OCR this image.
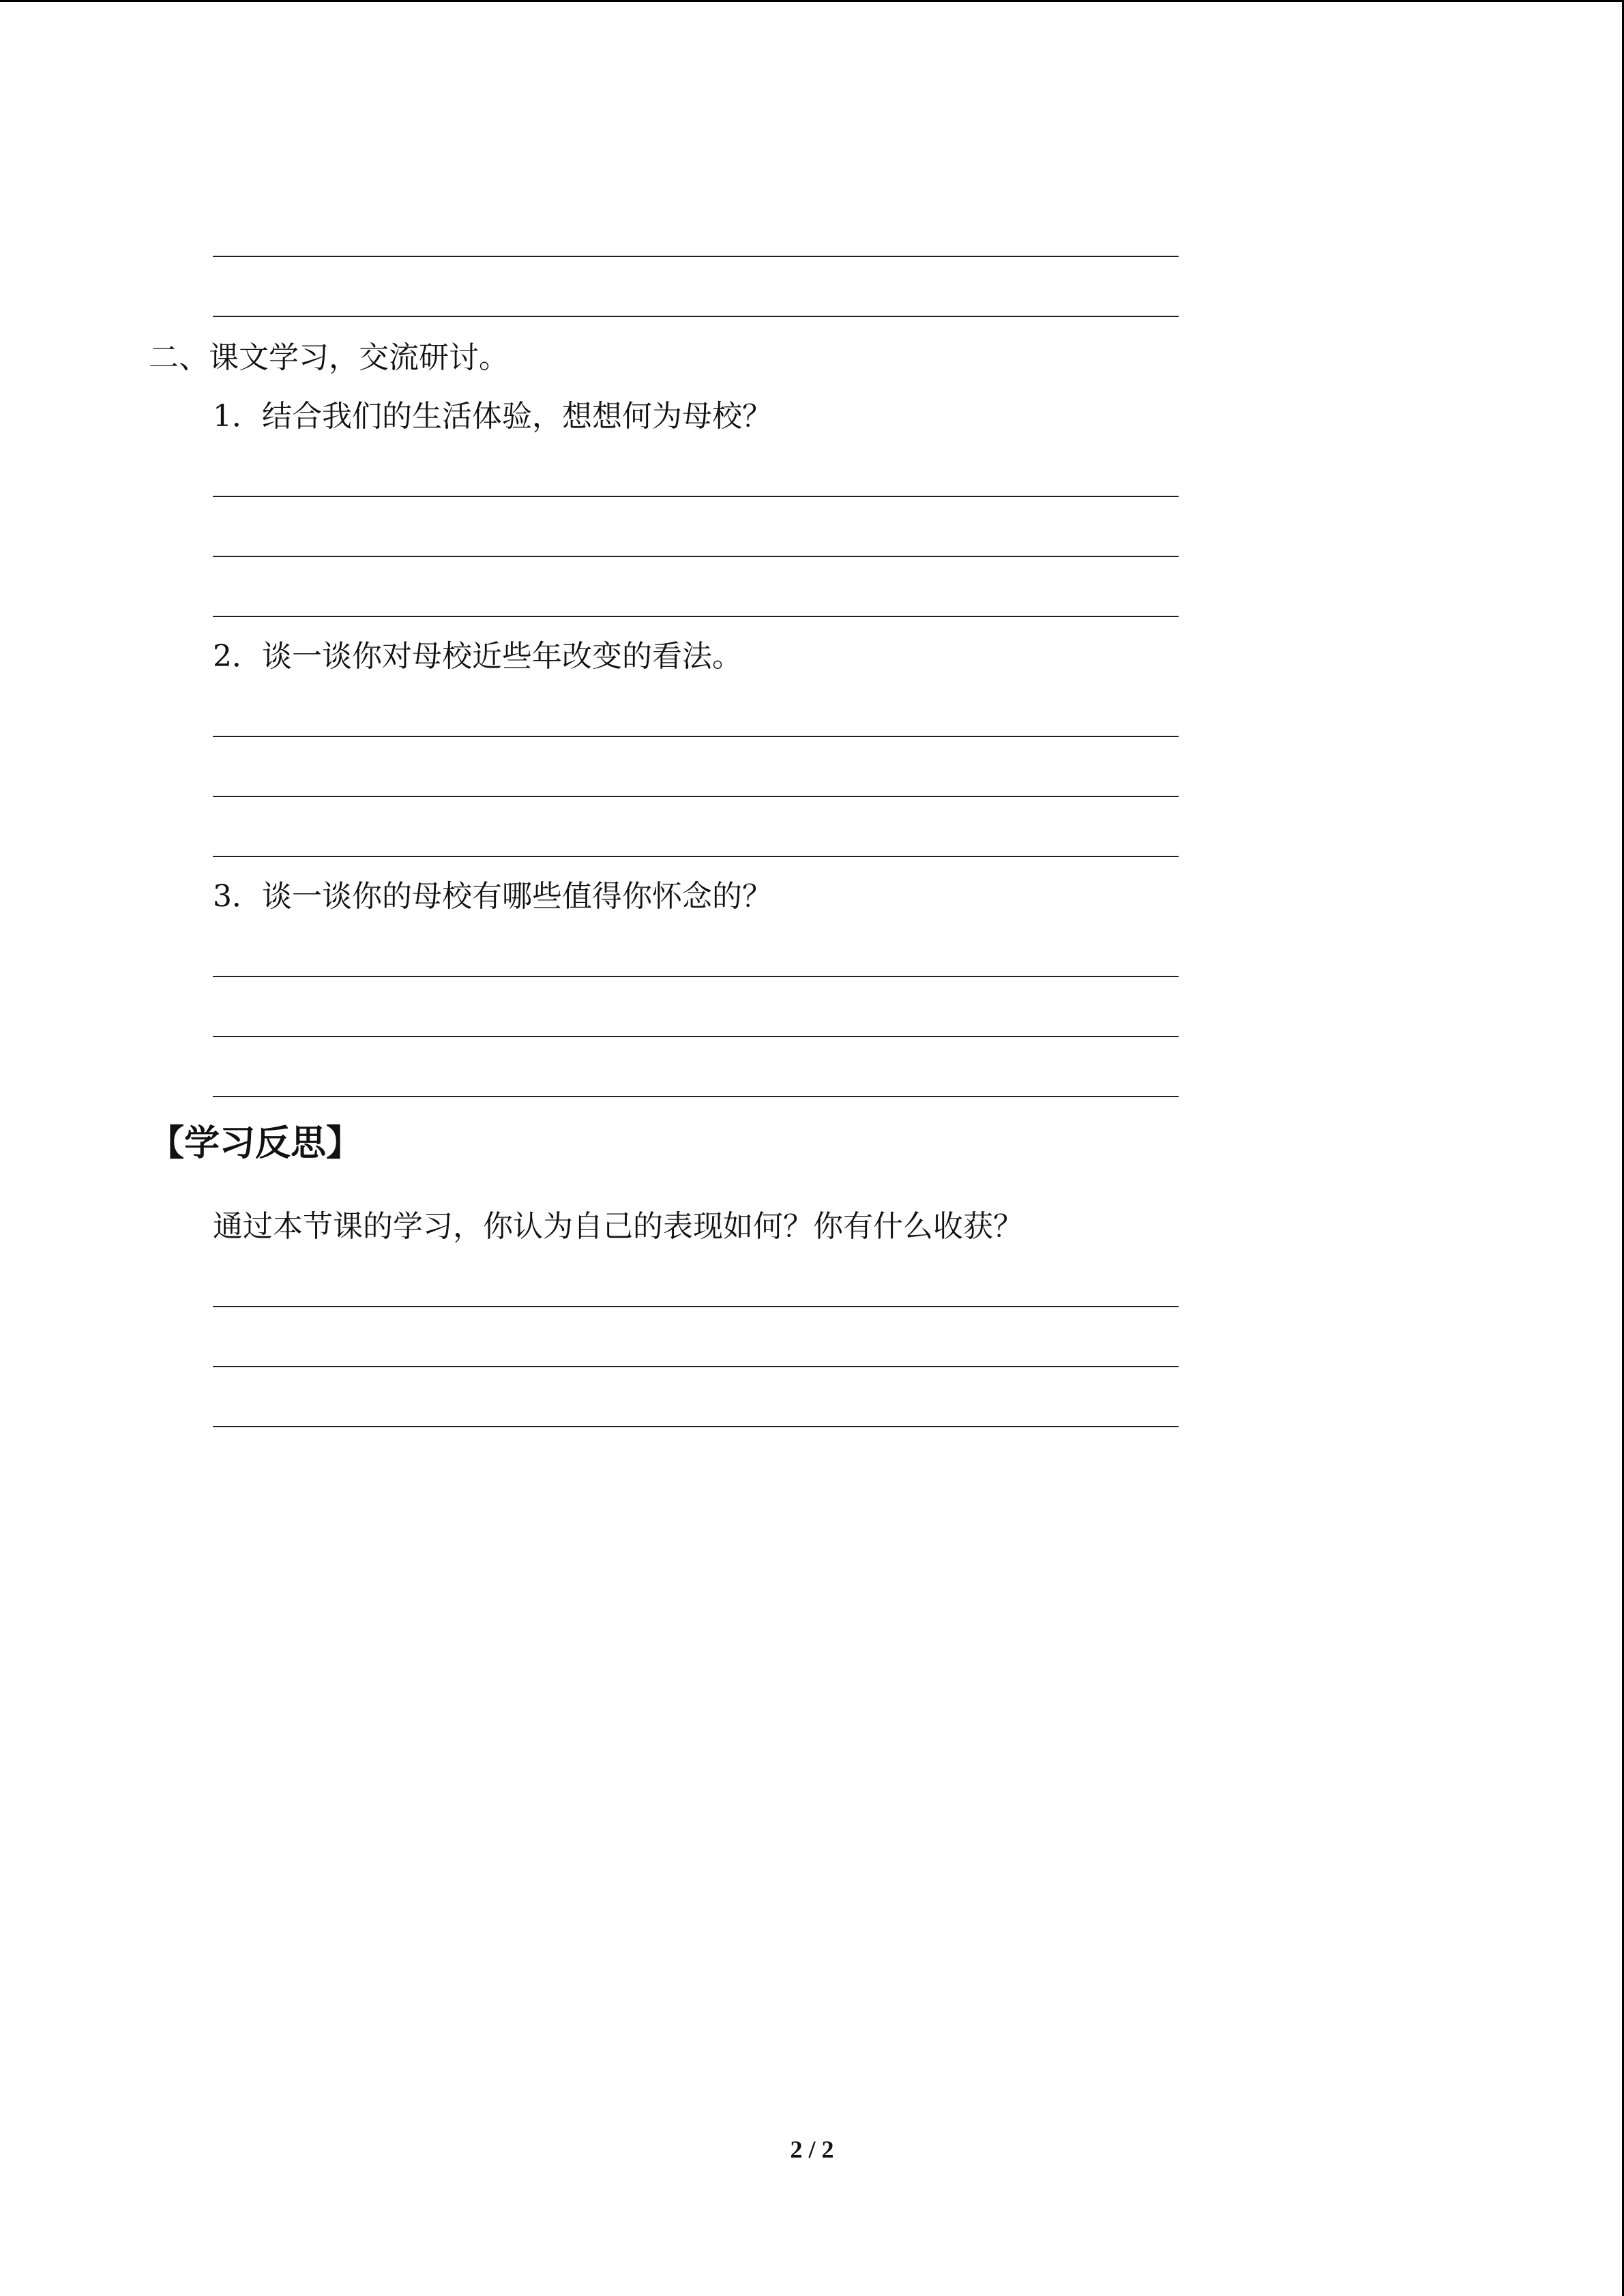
二、课文学习，交流研讨。
1．结合我们的生活体验，想想何为母校？
2．谈一谈你对母校近些年改变的看法。
3．谈一谈你的母校有哪些值得你怀念的？
【学习反思】
通过本节课的学习，你认为自己的表现如何？你有什么收获？
2 / 2
